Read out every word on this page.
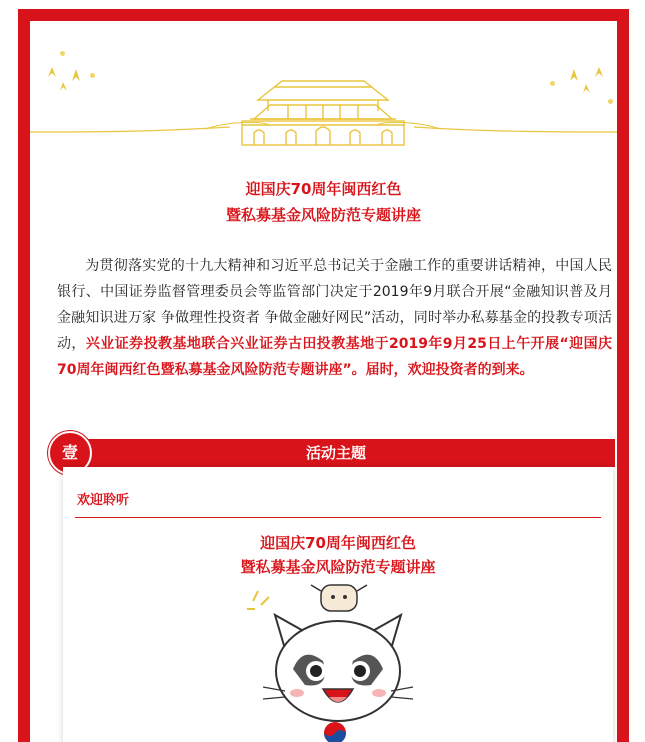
迎国庆70周年闽西红色
暨私募基金风险防范专题讲座
为贯彻落实党的十九大精神和习近平总书记关于金融工作的重要讲话精神，中国人民银行、中国证券监督管理委员会等监管部门决定于2019年9月联合开展“金融知识普及月 金融知识进万家 争做理性投资者 争做金融好网民”活动，同时举办私募基金的投教专项活动，兴业证券投教基地联合兴业证券古田投教基地于2019年9月25日上午开展“迎国庆70周年闽西红色暨私募基金风险防范专题讲座”。届时，欢迎投资者的到来。
壹	活动主题
欢迎聆听
迎国庆70周年闽西红色
暨私募基金风险防范专题讲座
